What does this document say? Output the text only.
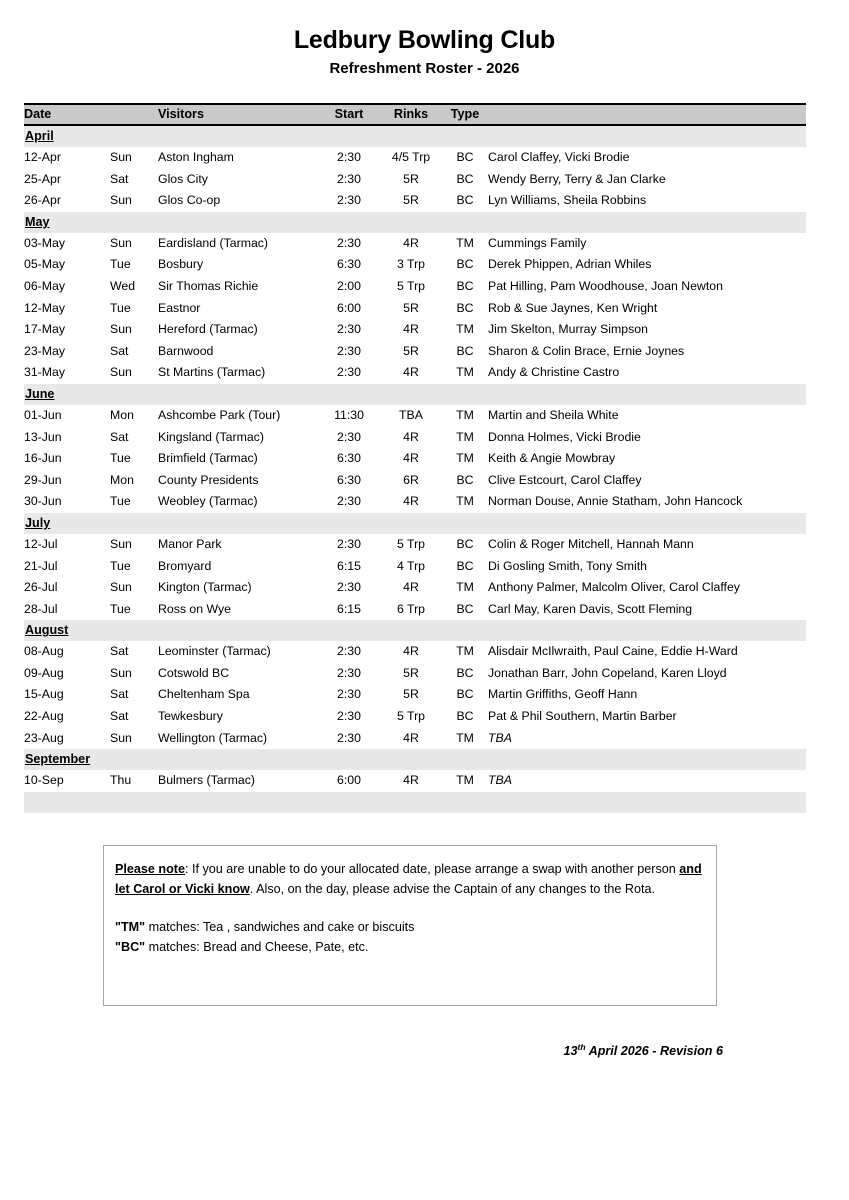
Ledbury Bowling Club
Refreshment Roster - 2026
Date		Visitors	Start	Rinks	Type	
April						
12-Apr	Sun	Aston Ingham	2:30	4/5 Trp	BC	Carol Claffey, Vicki Brodie
25-Apr	Sat	Glos City	2:30	5R	BC	Wendy Berry, Terry & Jan Clarke
26-Apr	Sun	Glos Co-op	2:30	5R	BC	Lyn Williams, Sheila Robbins
May						
03-May	Sun	Eardisland (Tarmac)	2:30	4R	TM	Cummings Family
05-May	Tue	Bosbury	6:30	3 Trp	BC	Derek Phippen, Adrian Whiles
06-May	Wed	Sir Thomas Richie	2:00	5 Trp	BC	Pat Hilling, Pam Woodhouse, Joan Newton
12-May	Tue	Eastnor	6:00	5R	BC	Rob & Sue Jaynes, Ken Wright
17-May	Sun	Hereford (Tarmac)	2:30	4R	TM	Jim Skelton, Murray Simpson
23-May	Sat	Barnwood	2:30	5R	BC	Sharon & Colin Brace, Ernie Joynes
31-May	Sun	St Martins (Tarmac)	2:30	4R	TM	Andy & Christine Castro
June						
01-Jun	Mon	Ashcombe Park (Tour)	11:30	TBA	TM	Martin and Sheila White
13-Jun	Sat	Kingsland (Tarmac)	2:30	4R	TM	Donna Holmes, Vicki Brodie
16-Jun	Tue	Brimfield (Tarmac)	6:30	4R	TM	Keith & Angie Mowbray
29-Jun	Mon	County Presidents	6:30	6R	BC	Clive Estcourt, Carol Claffey
30-Jun	Tue	Weobley (Tarmac)	2:30	4R	TM	Norman Douse, Annie Statham, John Hancock
July						
12-Jul	Sun	Manor Park	2:30	5 Trp	BC	Colin & Roger Mitchell, Hannah Mann
21-Jul	Tue	Bromyard	6:15	4 Trp	BC	Di Gosling Smith, Tony Smith
26-Jul	Sun	Kington (Tarmac)	2:30	4R	TM	Anthony Palmer, Malcolm Oliver, Carol Claffey
28-Jul	Tue	Ross on Wye	6:15	6 Trp	BC	Carl May, Karen Davis, Scott Fleming
August						
08-Aug	Sat	Leominster (Tarmac)	2:30	4R	TM	Alisdair McIlwraith, Paul Caine, Eddie H-Ward
09-Aug	Sun	Cotswold BC	2:30	5R	BC	Jonathan Barr, John Copeland, Karen Lloyd
15-Aug	Sat	Cheltenham Spa	2:30	5R	BC	Martin Griffiths, Geoff Hann
22-Aug	Sat	Tewkesbury	2:30	5 Trp	BC	Pat & Phil Southern, Martin Barber
23-Aug	Sun	Wellington (Tarmac)	2:30	4R	TM	TBA
September						
10-Sep	Thu	Bulmers (Tarmac)	6:00	4R	TM	TBA

Please note: If you are unable to do your allocated date, please arrange a swap with another person and let Carol or Vicki know. Also, on the day, please advise the Captain of any changes to the Rota.

"TM" matches: Tea , sandwiches and cake or biscuits

"BC" matches: Bread and Cheese, Pate, etc.

13th April 2026 - Revision 6
